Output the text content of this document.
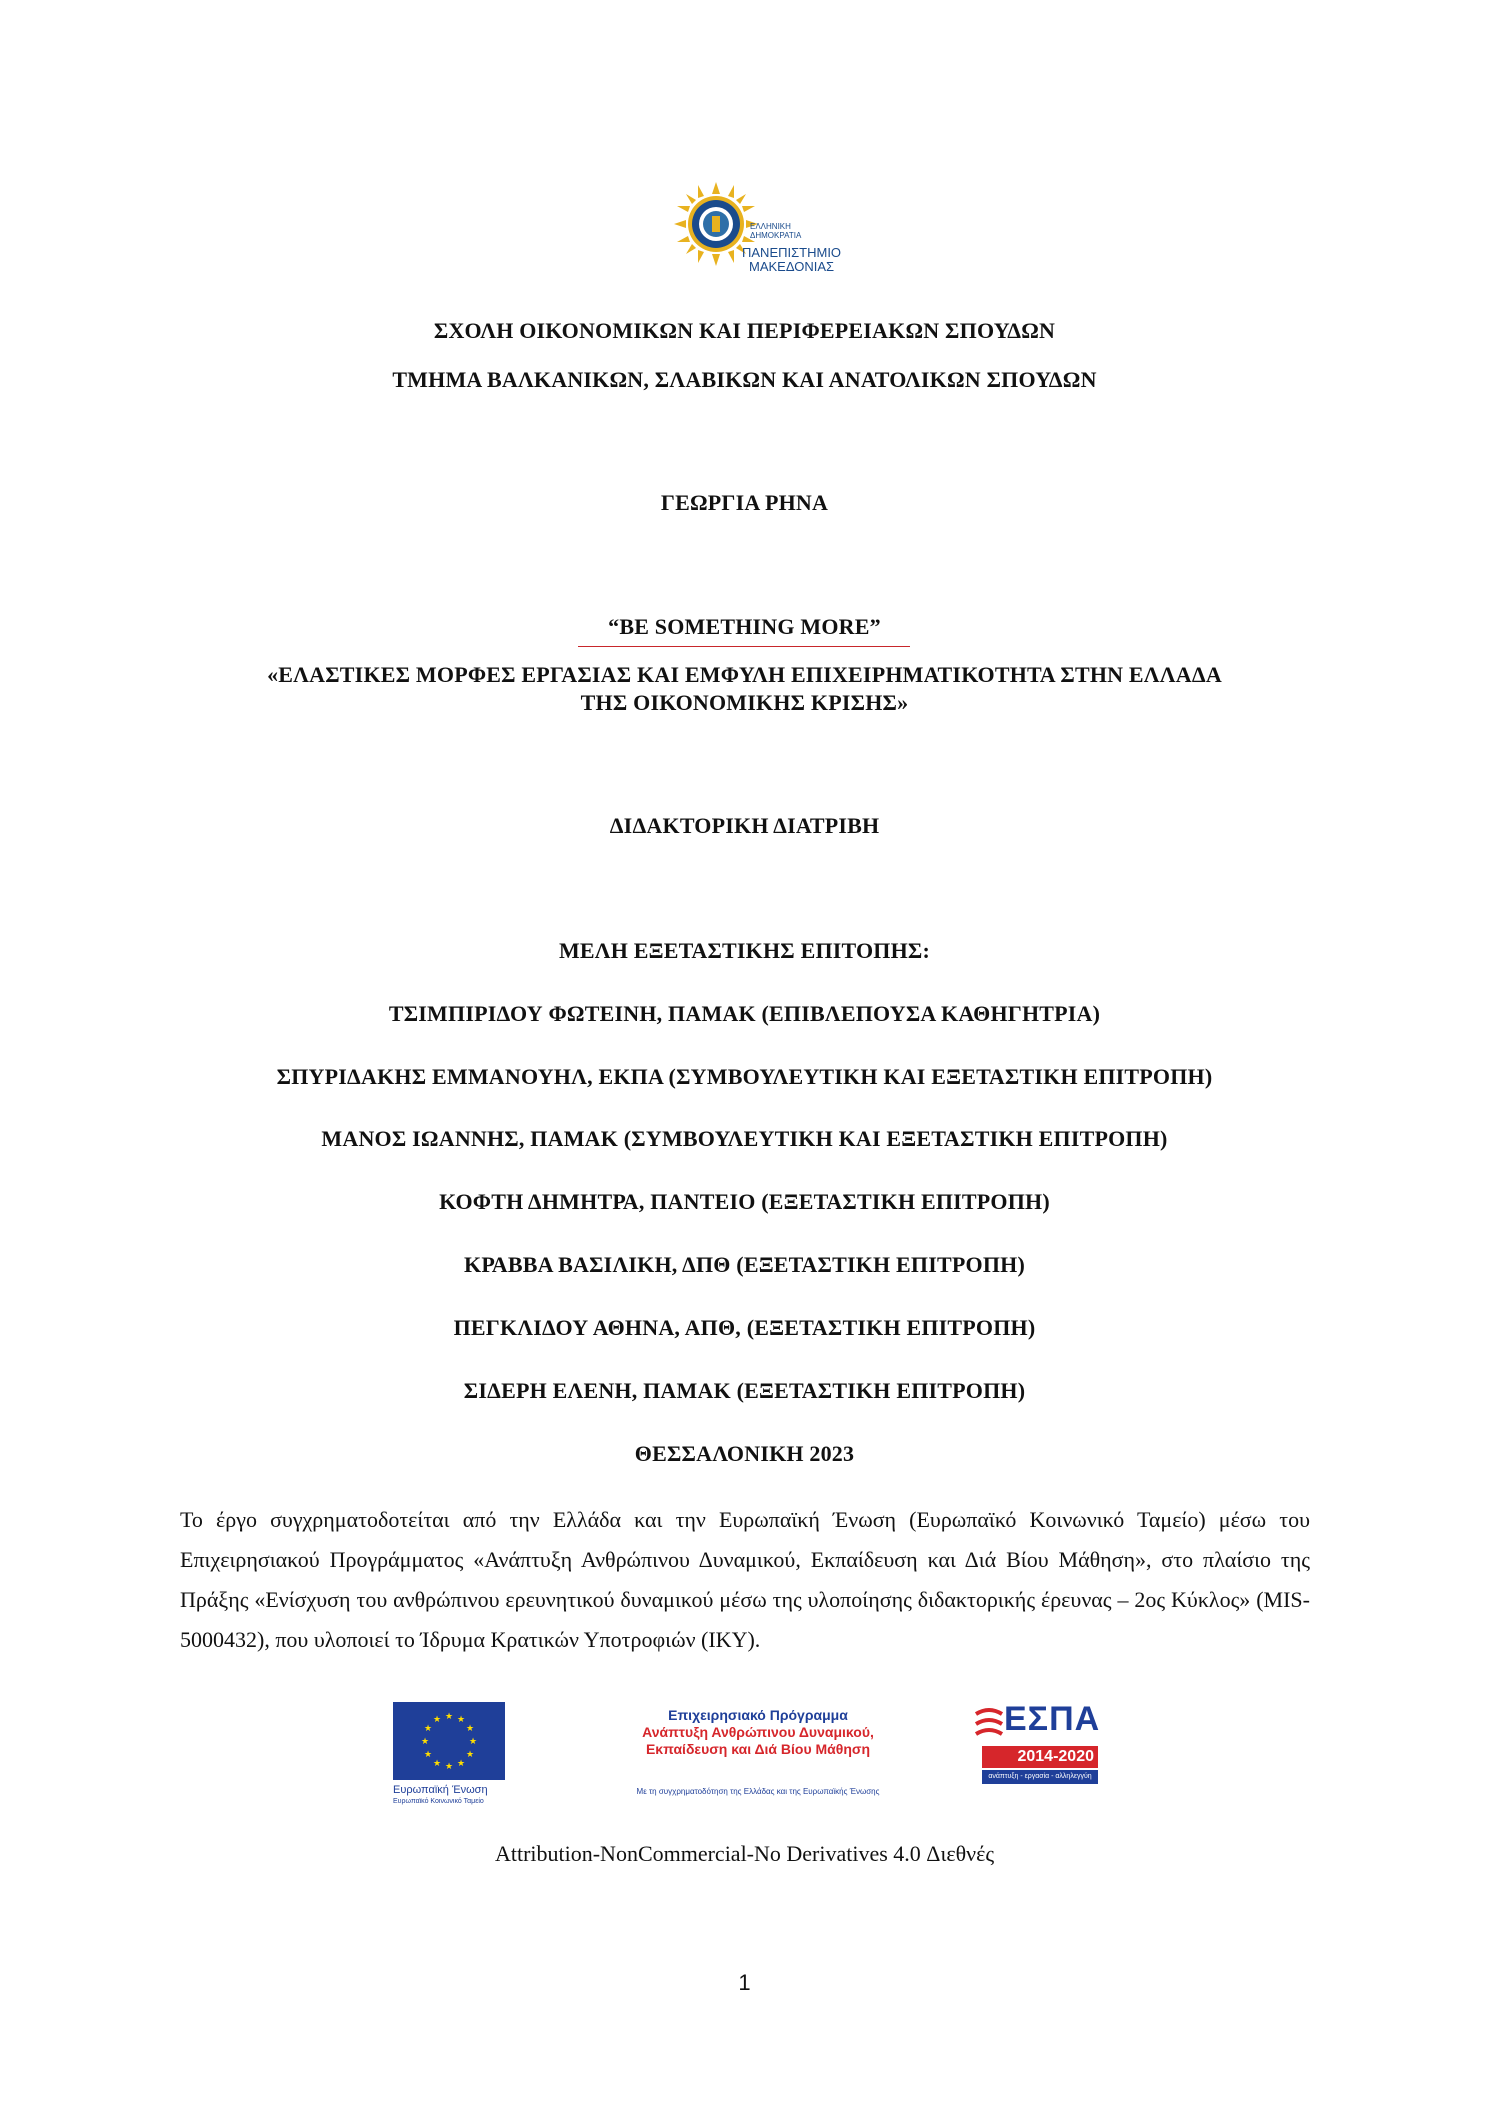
ΕΛΛΗΝΙΚΗ
ΔΗΜΟΚΡΑΤΙΑ
ΠΑΝΕΠΙΣΤΗΜΙΟ
ΜΑΚΕΔΟΝΙΑΣ
ΣΧΟΛΗ ΟΙΚΟΝΟΜΙΚΩΝ ΚΑΙ ΠΕΡΙΦΕΡΕΙΑΚΩΝ ΣΠΟΥΔΩΝ
ΤΜΗΜΑ ΒΑΛΚΑΝΙΚΩΝ, ΣΛΑΒΙΚΩΝ ΚΑΙ ΑΝΑΤΟΛΙΚΩΝ ΣΠΟΥΔΩΝ
ΓΕΩΡΓΙΑ ΡΗΝΑ
“BE SOMETHING MORE”
«ΕΛΑΣΤΙΚΕΣ ΜΟΡΦΕΣ ΕΡΓΑΣΙΑΣ ΚΑΙ ΕΜΦΥΛΗ ΕΠΙΧΕΙΡΗΜΑΤΙΚΟΤΗΤΑ ΣΤΗΝ ΕΛΛΑΔΑ
ΤΗΣ ΟΙΚΟΝΟΜΙΚΗΣ ΚΡΙΣΗΣ»
ΔΙΔΑΚΤΟΡΙΚΗ ΔΙΑΤΡΙΒΗ
ΜΕΛΗ ΕΞΕΤΑΣΤΙΚΗΣ ΕΠΙΤΟΠΗΣ:
ΤΣΙΜΠΙΡΙΔΟΥ ΦΩΤΕΙΝΗ, ΠΑΜΑΚ (ΕΠΙΒΛΕΠΟΥΣΑ ΚΑΘΗΓΗΤΡΙΑ)
ΣΠΥΡΙΔΑΚΗΣ ΕΜΜΑΝΟΥΗΛ, ΕΚΠΑ (ΣΥΜΒΟΥΛΕΥΤΙΚΗ ΚΑΙ ΕΞΕΤΑΣΤΙΚΗ ΕΠΙΤΡΟΠΗ)
ΜΑΝΟΣ ΙΩΑΝΝΗΣ, ΠΑΜΑΚ (ΣΥΜΒΟΥΛΕΥΤΙΚΗ ΚΑΙ ΕΞΕΤΑΣΤΙΚΗ ΕΠΙΤΡΟΠΗ)
ΚΟΦΤΗ ΔΗΜΗΤΡΑ, ΠΑΝΤΕΙΟ (ΕΞΕΤΑΣΤΙΚΗ ΕΠΙΤΡΟΠΗ)
ΚΡΑΒΒΑ ΒΑΣΙΛΙΚΗ, ΔΠΘ (ΕΞΕΤΑΣΤΙΚΗ ΕΠΙΤΡΟΠΗ)
ΠΕΓΚΛΙΔΟΥ ΑΘΗΝΑ, ΑΠΘ, (ΕΞΕΤΑΣΤΙΚΗ ΕΠΙΤΡΟΠΗ)
ΣΙΔΕΡΗ ΕΛΕΝΗ, ΠΑΜΑΚ (ΕΞΕΤΑΣΤΙΚΗ ΕΠΙΤΡΟΠΗ)
ΘΕΣΣΑΛΟΝΙΚΗ 2023
Το έργο συγχρηματοδοτείται από την Ελλάδα και την Ευρωπαϊκή Ένωση (Ευρωπαϊκό Κοινωνικό Ταμείο) μέσω του Επιχειρησιακού Προγράμματος «Ανάπτυξη Ανθρώπινου Δυναμικού, Εκπαίδευση και Διά Βίου Μάθηση», στο πλαίσιο της Πράξης «Ενίσχυση του ανθρώπινου ερευνητικού δυναμικού μέσω της υλοποίησης διδακτορικής έρευνας – 2ος Κύκλος» (MIS-5000432), που υλοποιεί το Ίδρυμα Κρατικών Υποτροφιών (ΙΚΥ).
★ ★
★
★
★
★
★
★
★
★
★
★
Ευρωπαϊκή Ένωση
Ευρωπαϊκό Κοινωνικό Ταμείο
Επιχειρησιακό Πρόγραμμα
Ανάπτυξη Ανθρώπινου Δυναμικού,
Εκπαίδευση και Διά Βίου Μάθηση
Με τη συγχρηματοδότηση της Ελλάδας και της Ευρωπαϊκής Ένωσης
ΕΣΠΑ
2014-2020
ανάπτυξη - εργασία - αλληλεγγύη
Attribution-NonCommercial-No Derivatives 4.0 Διεθνές
1
